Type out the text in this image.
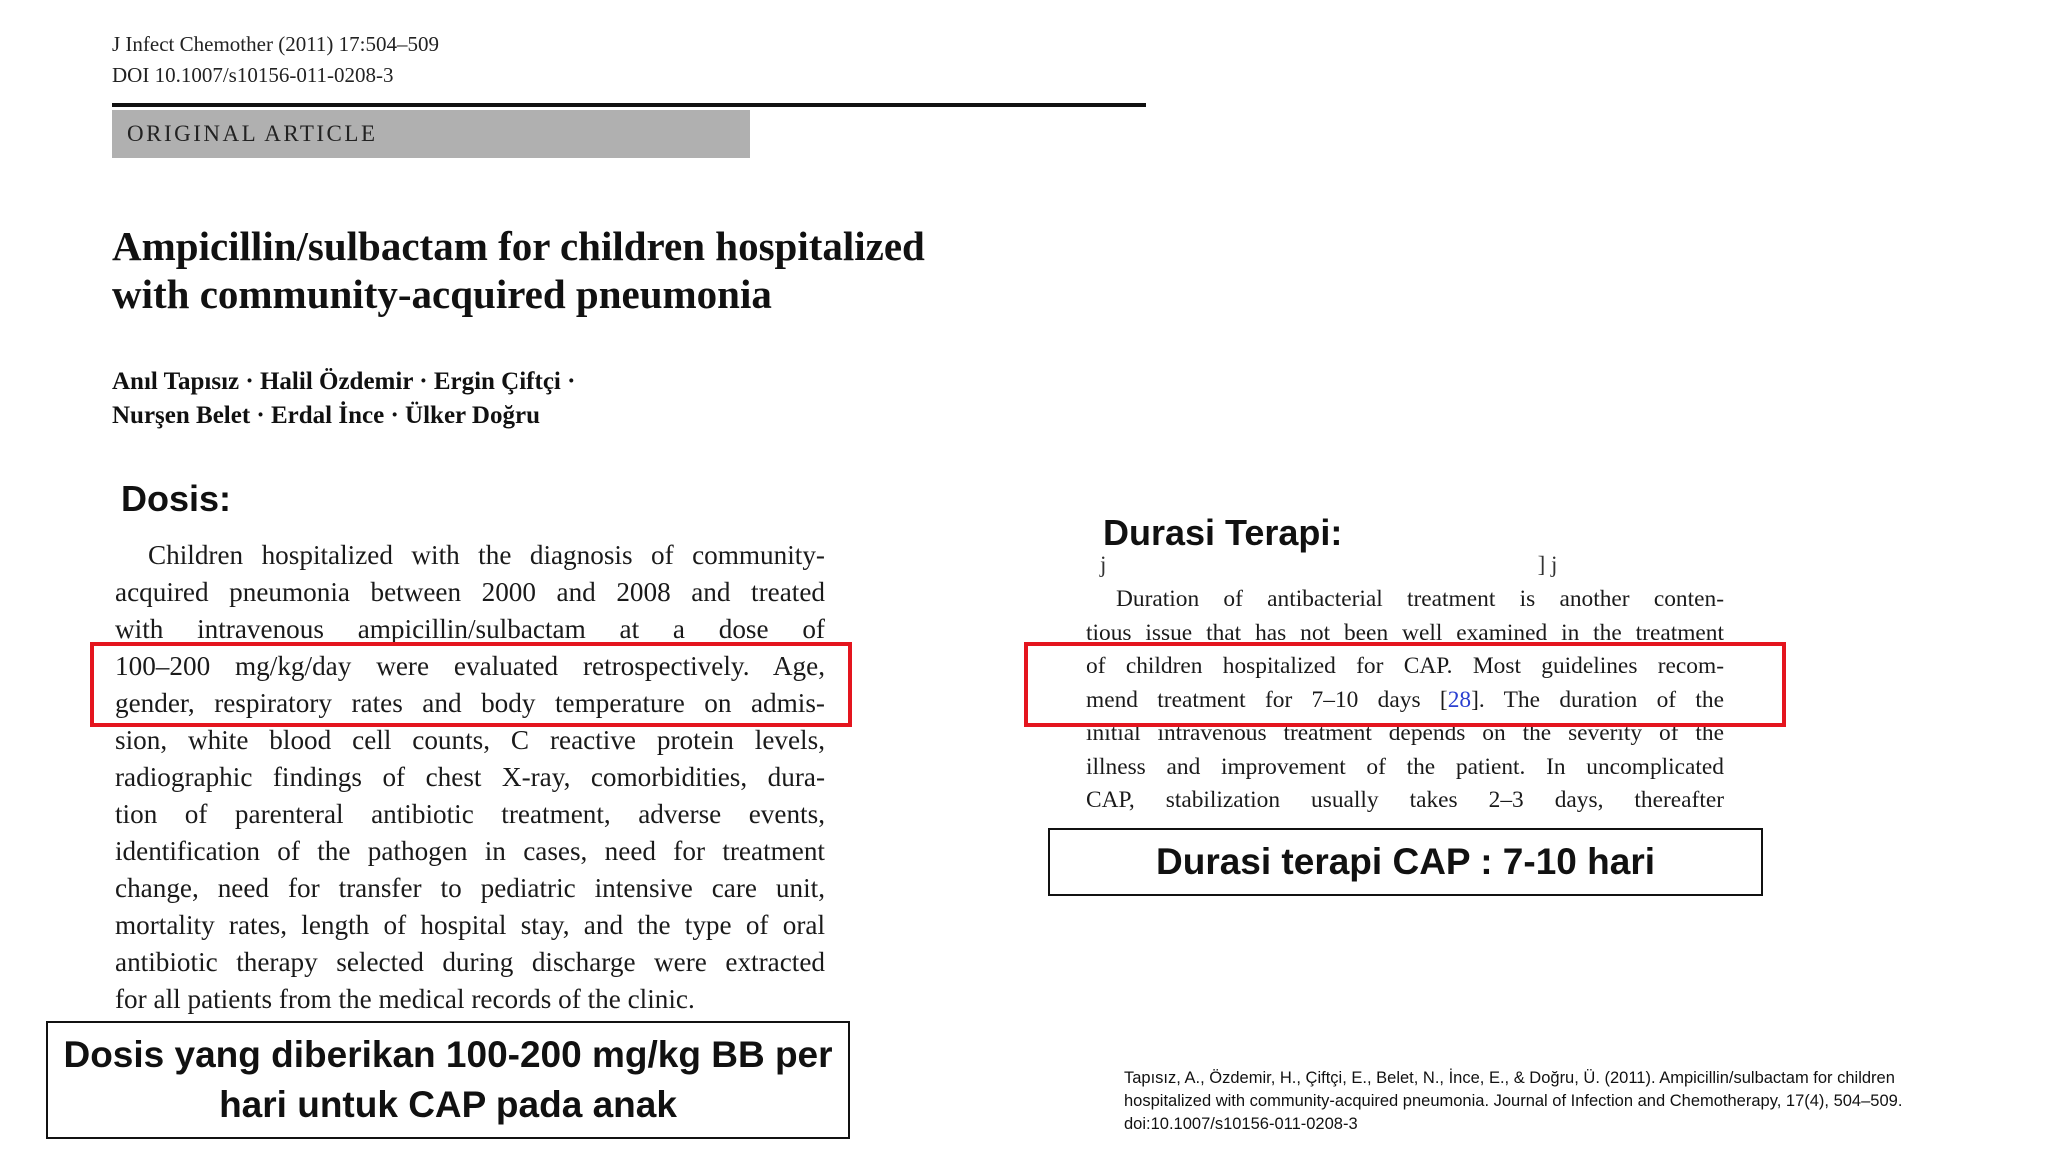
J Infect Chemother (2011) 17:504–509
DOI 10.1007/s10156-011-0208-3
ORIGINAL ARTICLE
Ampicillin/sulbactam for children hospitalized
with community-acquired pneumonia
Anıl Tapısız · Halil Özdemir · Ergin Çiftçi ·
Nurşen Belet · Erdal İnce · Ülker Doğru
Dosis:
Children hospitalized with the diagnosis of community-
acquired pneumonia between 2000 and 2008 and treated
with intravenous ampicillin/sulbactam at a dose of
100–200 mg/kg/day were evaluated retrospectively. Age,
gender, respiratory rates and body temperature on admis-
sion, white blood cell counts, C reactive protein levels,
radiographic findings of chest X-ray, comorbidities, dura-
tion of parenteral antibiotic treatment, adverse events,
identification of the pathogen in cases, need for treatment
change, need for transfer to pediatric intensive care unit,
mortality rates, length of hospital stay, and the type of oral
antibiotic therapy selected during discharge were extracted
for all patients from the medical records of the clinic.
Dosis yang diberikan 100-200 mg/kg BB per hari untuk CAP pada anak
Durasi Terapi:
j                                                                           ] j
Duration of antibacterial treatment is another conten-
tious issue that has not been well examined in the treatment
of children hospitalized for CAP. Most guidelines recom-
mend treatment for 7–10 days [28]. The duration of the
initial intravenous treatment depends on the severity of the
illness and improvement of the patient. In uncomplicated
CAP, stabilization usually takes 2–3 days, thereafter
Durasi terapi CAP : 7-10 hari
Tapısız, A., Özdemir, H., Çiftçi, E., Belet, N., İnce, E., & Doğru, Ü. (2011). Ampicillin/sulbactam for children
hospitalized with community-acquired pneumonia. Journal of Infection and Chemotherapy, 17(4), 504–509.
doi:10.1007/s10156-011-0208-3
